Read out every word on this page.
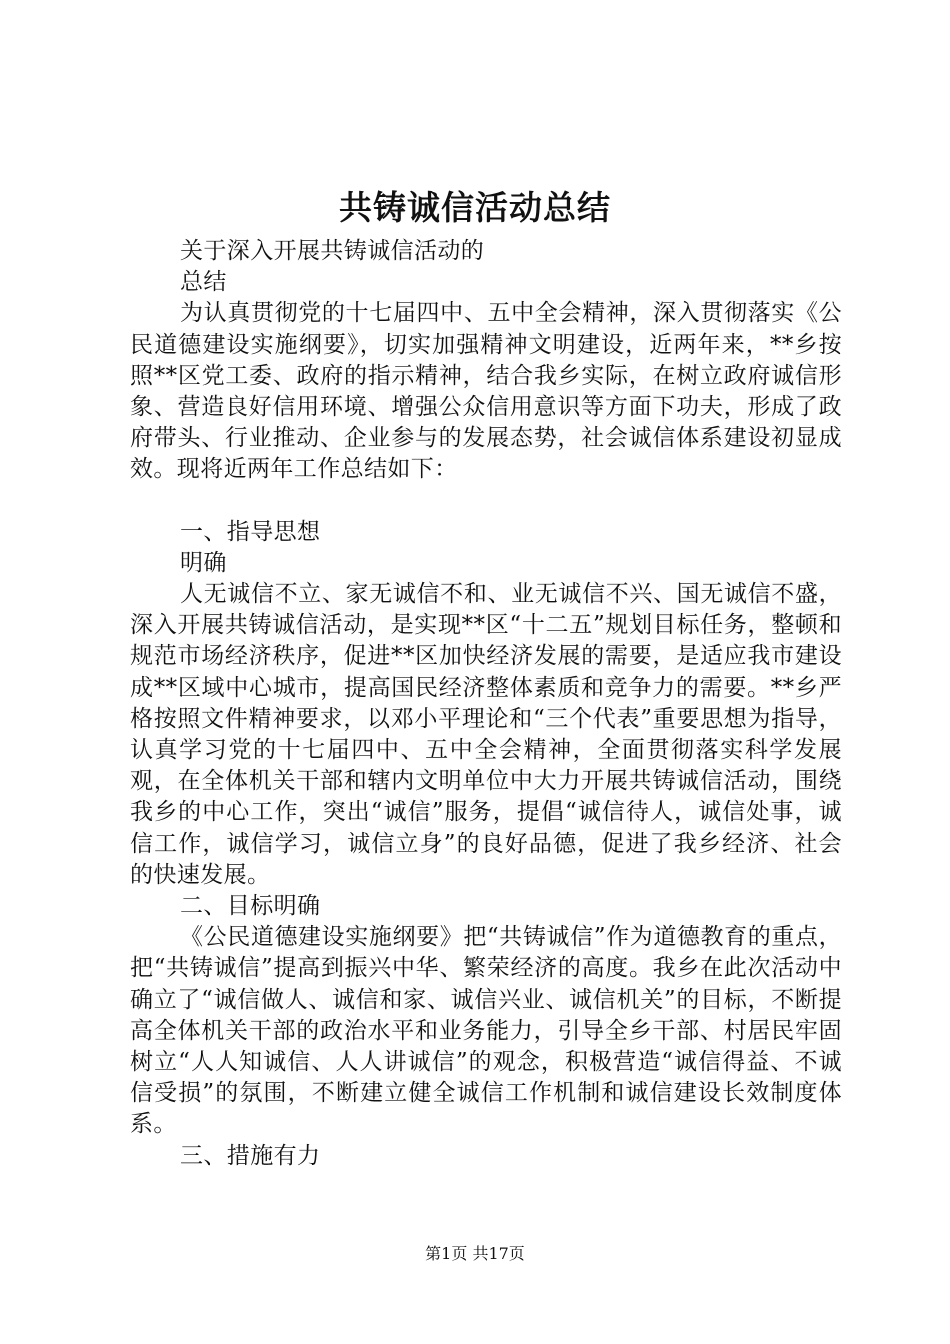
共铸诚信活动总结

关于深入开展共铸诚信活动的

总结

为认真贯彻党的十七届四中、五中全会精神，深入贯彻落实《公民道德建设实施纲要》，切实加强精神文明建设，近两年来，**乡按照**区党工委、政府的指示精神，结合我乡实际，在树立政府诚信形象、营造良好信用环境、增强公众信用意识等方面下功夫，形成了政府带头、行业推动、企业参与的发展态势，社会诚信体系建设初显成效。现将近两年工作总结如下：

一、指导思想

明确

人无诚信不立、家无诚信不和、业无诚信不兴、国无诚信不盛，深入开展共铸诚信活动，是实现**区“十二五”规划目标任务，整顿和规范市场经济秩序，促进**区加快经济发展的需要，是适应我市建设成**区域中心城市，提高国民经济整体素质和竞争力的需要。**乡严格按照文件精神要求，以邓小平理论和“三个代表”重要思想为指导，认真学习党的十七届四中、五中全会精神，全面贯彻落实科学发展观，在全体机关干部和辖内文明单位中大力开展共铸诚信活动，围绕我乡的中心工作，突出“诚信”服务，提倡“诚信待人，诚信处事，诚信工作，诚信学习，诚信立身”的良好品德，促进了我乡经济、社会的快速发展。

二、目标明确

《公民道德建设实施纲要》把“共铸诚信”作为道德教育的重点，把“共铸诚信”提高到振兴中华、繁荣经济的高度。我乡在此次活动中确立了“诚信做人、诚信和家、诚信兴业、诚信机关”的目标，不断提高全体机关干部的政治水平和业务能力，引导全乡干部、村居民牢固树立“人人知诚信、人人讲诚信”的观念，积极营造“诚信得益、不诚信受损”的氛围，不断建立健全诚信工作机制和诚信建设长效制度体系。

三、措施有力

第1页 共17页
